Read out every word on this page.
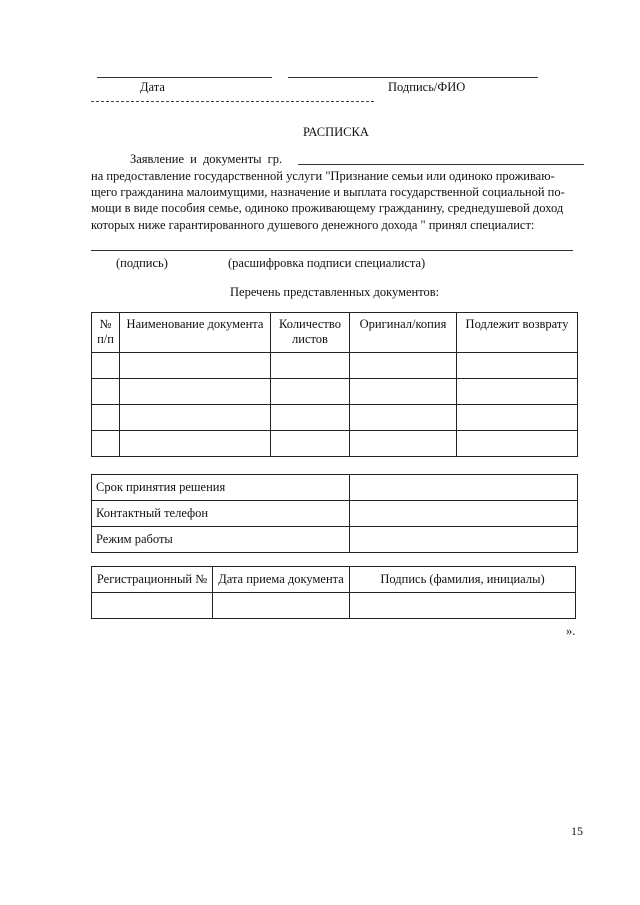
Дата	Подпись/ФИО
РАСПИСКА
Заявление и документы гр.
на предоставление государственной услуги "Признание семьи или одиноко проживаю-
щего гражданина малоимущими, назначение и выплата государственной социальной по-
мощи в виде пособия семье, одиноко проживающему гражданину, среднедушевой доход
которых ниже гарантированного душевого денежного дохода " принял специалист:
(подпись)	(расшифровка подписи специалиста)
Перечень представленных документов:
№ п/п	Наименование документа	Количество листов	Оригинал/копия	Подлежит возврату

Срок принятия решения	
Контактный телефон	
Режим работы	
Регистрационный №	Дата приема документа	Подпись (фамилия, инициалы)

».
15
